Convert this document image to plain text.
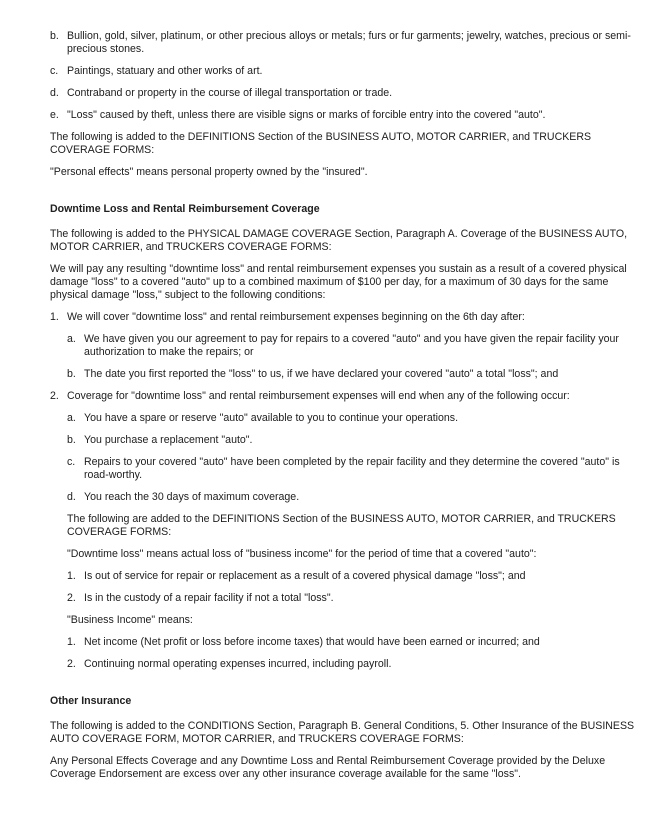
b. Bullion, gold, silver, platinum, or other precious alloys or metals; furs or fur garments; jewelry, watches, precious or semi-precious stones.
c. Paintings, statuary and other works of art.
d. Contraband or property in the course of illegal transportation or trade.
e. "Loss" caused by theft, unless there are visible signs or marks of forcible entry into the covered "auto".

The following is added to the DEFINITIONS Section of the BUSINESS AUTO, MOTOR CARRIER, and TRUCKERS COVERAGE FORMS:

"Personal effects" means personal property owned by the "insured".

Downtime Loss and Rental Reimbursement Coverage

The following is added to the PHYSICAL DAMAGE COVERAGE Section, Paragraph A. Coverage of the BUSINESS AUTO, MOTOR CARRIER, and TRUCKERS COVERAGE FORMS:

We will pay any resulting "downtime loss" and rental reimbursement expenses you sustain as a result of a covered physical damage "loss" to a covered "auto" up to a combined maximum of $100 per day, for a maximum of 30 days for the same physical damage "loss," subject to the following conditions:

1. We will cover "downtime loss" and rental reimbursement expenses beginning on the 6th day after:
a. We have given you our agreement to pay for repairs to a covered "auto" and you have given the repair facility your authorization to make the repairs; or
b. The date you first reported the "loss" to us, if we have declared your covered "auto" a total "loss"; and
2. Coverage for "downtime loss" and rental reimbursement expenses will end when any of the following occur:
a. You have a spare or reserve "auto" available to you to continue your operations.
b. You purchase a replacement "auto".
c. Repairs to your covered "auto" have been completed by the repair facility and they determine the covered "auto" is road-worthy.
d. You reach the 30 days of maximum coverage.

The following are added to the DEFINITIONS Section of the BUSINESS AUTO, MOTOR CARRIER, and TRUCKERS COVERAGE FORMS:

"Downtime loss" means actual loss of "business income" for the period of time that a covered "auto":

1. Is out of service for repair or replacement as a result of a covered physical damage "loss"; and
2. Is in the custody of a repair facility if not a total "loss".

"Business Income" means:

1. Net income (Net profit or loss before income taxes) that would have been earned or incurred; and
2. Continuing normal operating expenses incurred, including payroll.
Other Insurance

The following is added to the CONDITIONS Section, Paragraph B. General Conditions, 5. Other Insurance of the BUSINESS AUTO COVERAGE FORM, MOTOR CARRIER, and TRUCKERS COVERAGE FORMS:

Any Personal Effects Coverage and any Downtime Loss and Rental Reimbursement Coverage provided by the Deluxe Coverage Endorsement are excess over any other insurance coverage available for the same "loss".
